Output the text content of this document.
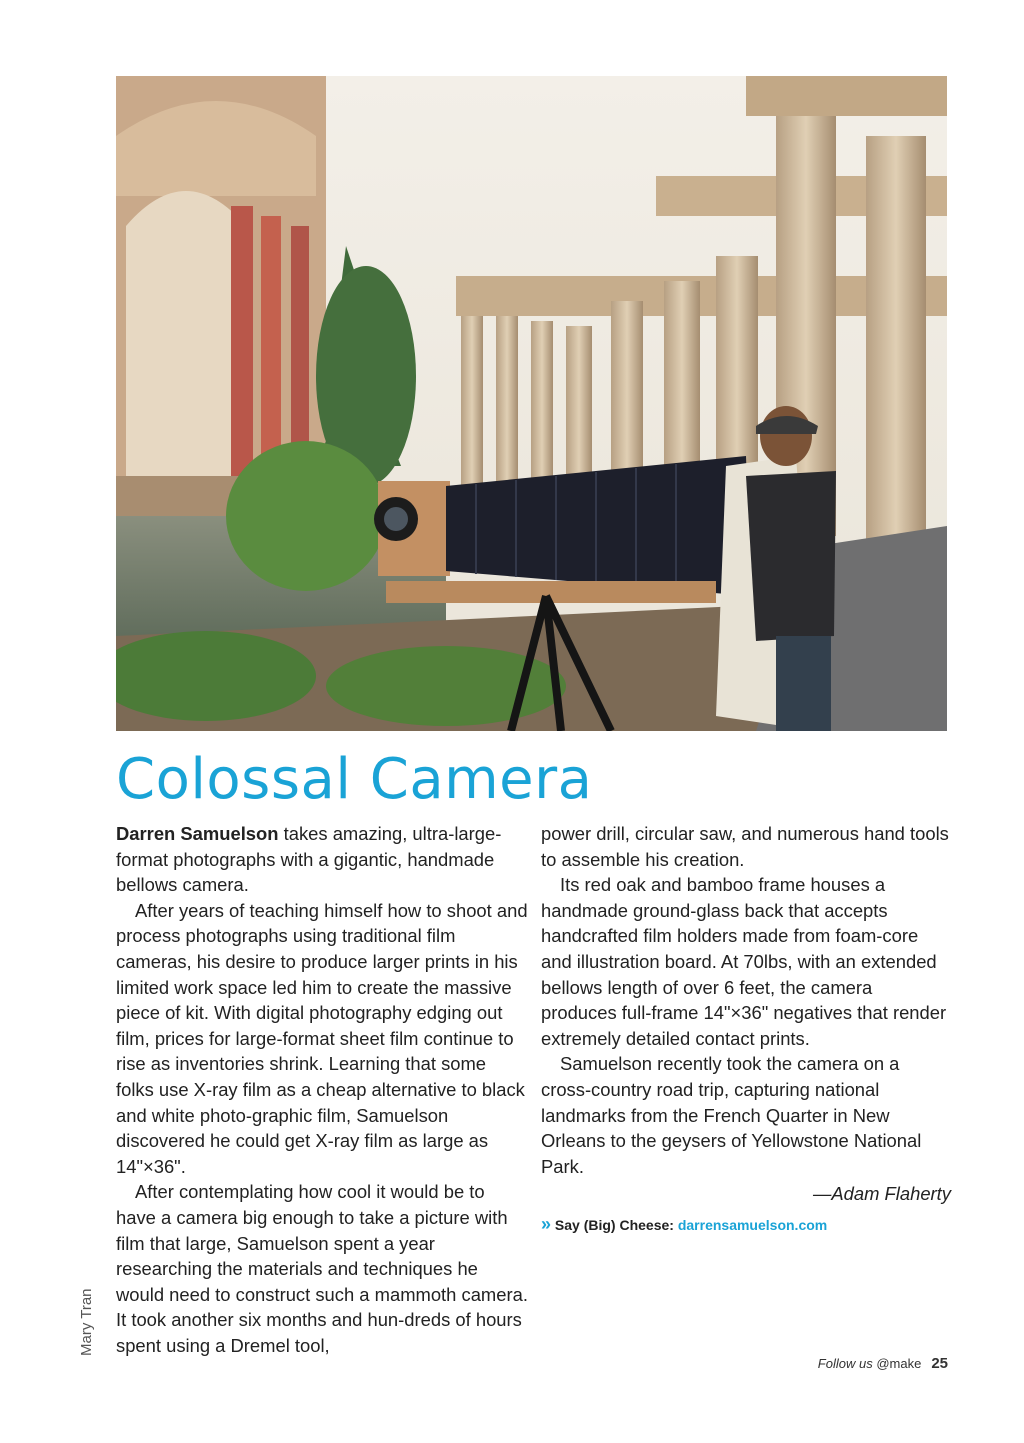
Colossal Camera

Darren Samuelson takes amazing, ultra-large-format photographs with a gigantic, handmade bellows camera.

After years of teaching himself how to shoot and process photographs using traditional film cameras, his desire to produce larger prints in his limited work space led him to create the massive piece of kit. With digital photography edging out film, prices for large-format sheet film continue to rise as inventories shrink. Learning that some folks use X-ray film as a cheap alternative to black and white photo-graphic film, Samuelson discovered he could get X-ray film as large as 14"×36".

After contemplating how cool it would be to have a camera big enough to take a picture with film that large, Samuelson spent a year researching the materials and techniques he would need to construct such a mammoth camera. It took another six months and hun-dreds of hours spent using a Dremel tool,

power drill, circular saw, and numerous hand tools to assemble his creation.

Its red oak and bamboo frame houses a handmade ground-glass back that accepts handcrafted film holders made from foam-core and illustration board. At 70lbs, with an extended bellows length of over 6 feet, the camera produces full-frame 14"×36" negatives that render extremely detailed contact prints.

Samuelson recently took the camera on a cross-country road trip, capturing national landmarks from the French Quarter in New Orleans to the geysers of Yellowstone National Park.

—Adam Flaherty

» Say (Big) Cheese: darrensamuelson.com

Mary Tran
Follow us @make 25
